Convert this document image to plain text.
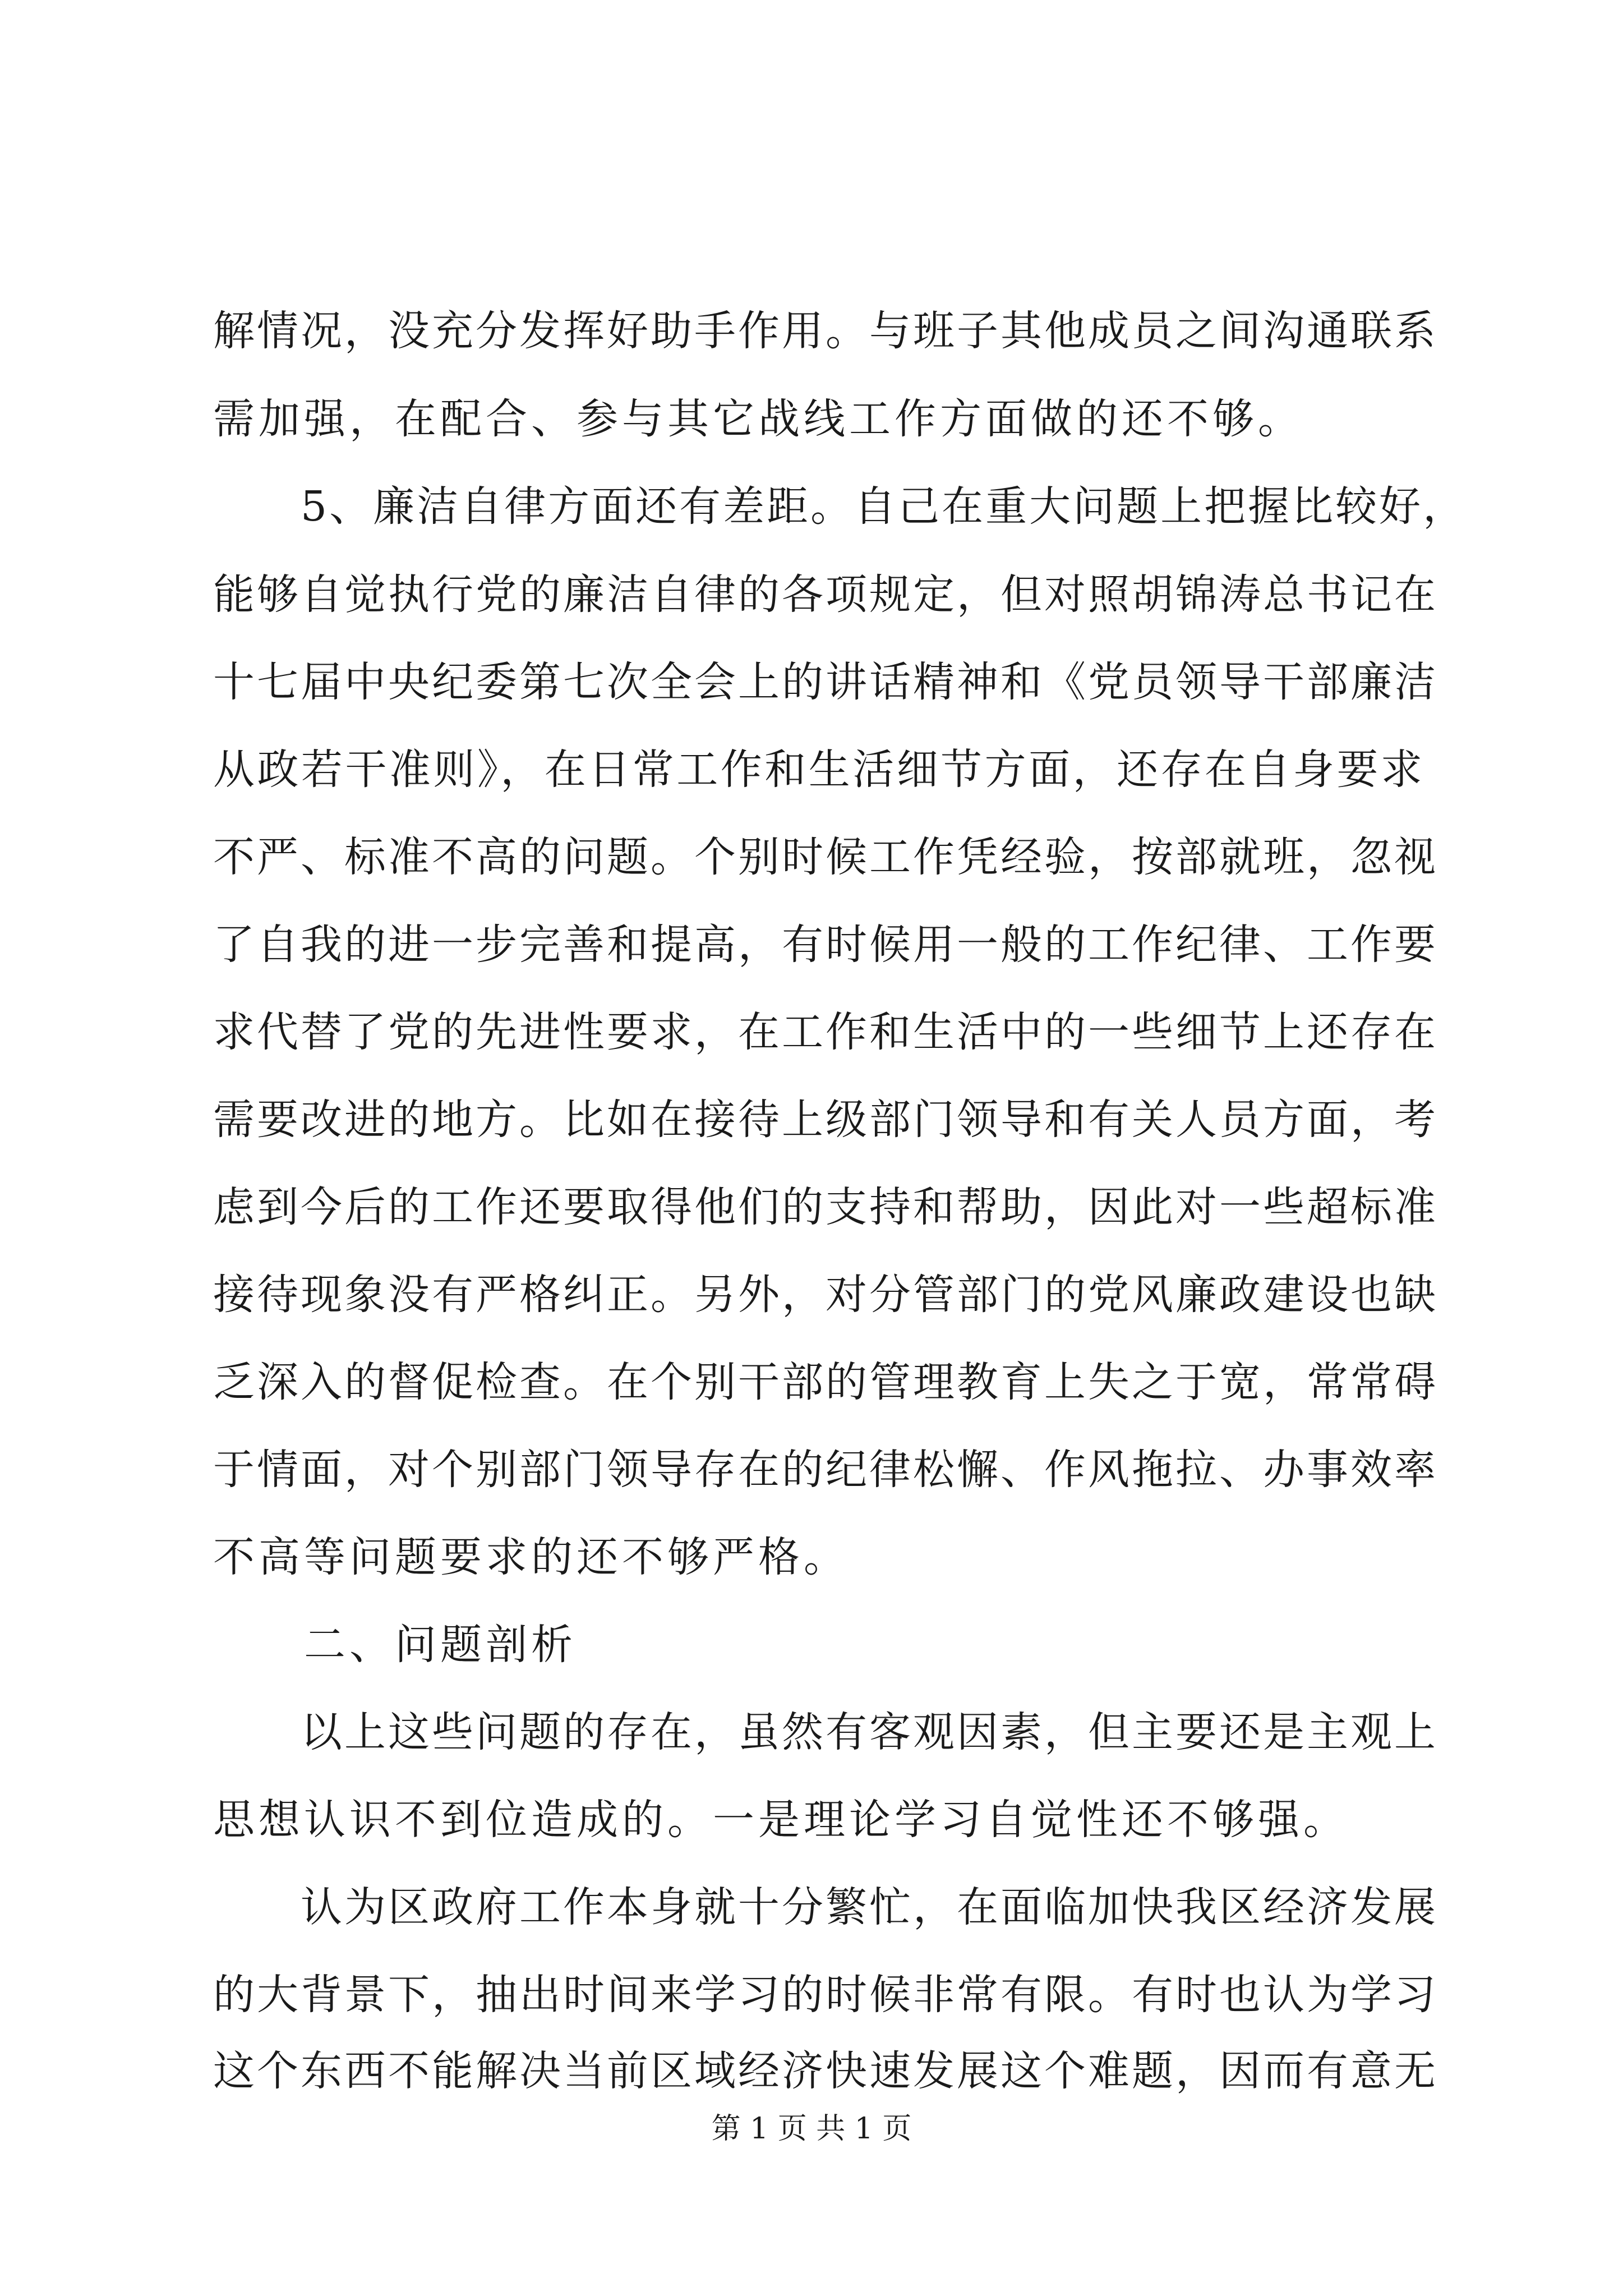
解情况，没充分发挥好助手作用。与班子其他成员之间沟通联系
需加强，在配合、参与其它战线工作方面做的还不够。
　　5、廉洁自律方面还有差距。自己在重大问题上把握比较好，
能够自觉执行党的廉洁自律的各项规定，但对照胡锦涛总书记在
十七届中央纪委第七次全会上的讲话精神和《党员领导干部廉洁
从政若干准则》，在日常工作和生活细节方面，还存在自身要求
不严、标准不高的问题。个别时候工作凭经验，按部就班，忽视
了自我的进一步完善和提高，有时候用一般的工作纪律、工作要
求代替了党的先进性要求，在工作和生活中的一些细节上还存在
需要改进的地方。比如在接待上级部门领导和有关人员方面，考
虑到今后的工作还要取得他们的支持和帮助，因此对一些超标准
接待现象没有严格纠正。另外，对分管部门的党风廉政建设也缺
乏深入的督促检查。在个别干部的管理教育上失之于宽，常常碍
于情面，对个别部门领导存在的纪律松懈、作风拖拉、办事效率
不高等问题要求的还不够严格。
　　二、问题剖析
　　以上这些问题的存在，虽然有客观因素，但主要还是主观上
思想认识不到位造成的。一是理论学习自觉性还不够强。
　　认为区政府工作本身就十分繁忙，在面临加快我区经济发展
的大背景下，抽出时间来学习的时候非常有限。有时也认为学习
这个东西不能解决当前区域经济快速发展这个难题，因而有意无
第 1 页 共 1 页
